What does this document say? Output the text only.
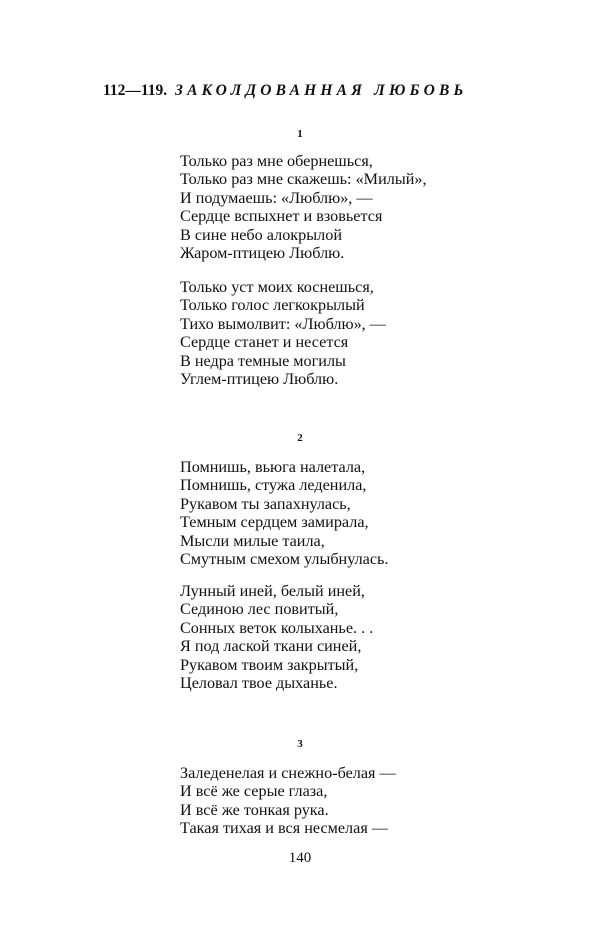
112—119. ЗАКОЛДОВАННАЯ ЛЮБОВЬ
1
Только раз мне обернешься,
Только раз мне скажешь: «Милый»,
И подумаешь: «Люблю», —
Сердце вспыхнет и взовьется
В сине небо алокрылой
Жаром-птицею Люблю.
Только уст моих коснешься,
Только голос легкокрылый
Тихо вымолвит: «Люблю», —
Сердце станет и несется
В недра темные могилы
Углем-птицею Люблю.
2
Помнишь, вьюга налетала,
Помнишь, стужа леденила,
Рукавом ты запахнулась,
Темным сердцем замирала,
Мысли милые таила,
Смутным смехом улыбнулась.
Лунный иней, белый иней,
Сединою лес повитый,
Сонных веток колыханье. . .
Я под лаской ткани синей,
Рукавом твоим закрытый,
Целовал твое дыханье.
3
Заледенелая и снежно-белая —
И всё же серые глаза,
И всё же тонкая рука.
Такая тихая и вся несмелая —
140
